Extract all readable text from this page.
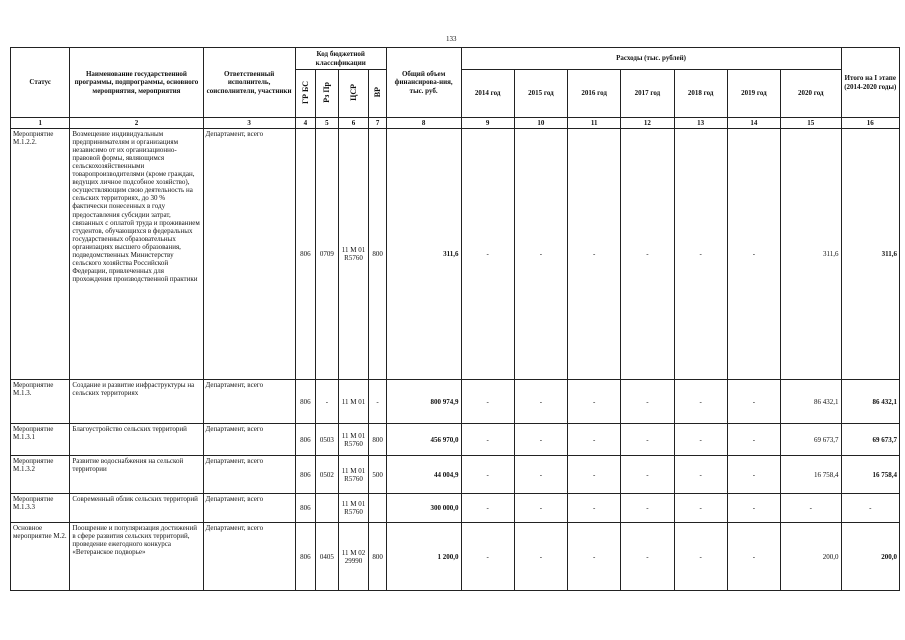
133
Статус	Наименование государственной программы, подпрограммы, основного мероприятия, мероприятия	Ответственный исполнитель, соисполнители, участники	Код бюджетной классификации				Общий объем финансирова-ния, тыс. руб.	Расходы (тыс. рублей)							Итого на I этапе (2014-2020 годы)
			ГР БС	Рз Пр	ЦСР	ВР		2014 год	2015 год	2016 год	2017 год	2018 год	2019 год	2020 год	
1	2	3	4	5	6	7	8	9	10	11	12	13	14	15	16
Мероприятие М.1.2.2.	Возмещение индивидуальным предпринимателям и организациям независимо от их организационно-правовой формы, являющимся сельскохозяйственными товаропроизводителями (кроме граждан, ведущих личное подсобное хозяйство), осуществляющим свою деятельность на сельских территориях, до 30 % фактически понесенных в году предоставления субсидии затрат, связанных с оплатой труда и проживанием студентов, обучающихся в федеральных государственных образовательных организациях высшего образования, подведомственных Министерству сельского хозяйства Российской Федерации, привлеченных для прохождения производственной практики	Департамент, всего	806	0709	11 М 01 R5760	800	311,6	-	-	-	-	-	-	311,6	311,6
Мероприятие М.1.3.	Создание и развитие инфраструктуры на сельских территориях	Департамент, всего	806	-	11 М 01	-	800 974,9	-	-	-	-	-	-	86 432,1	86 432,1
Мероприятие М.1.3.1	Благоустройство сельских территорий	Департамент, всего	806	0503	11 М 01 R5760	800	456 970,0	-	-	-	-	-	-	69 673,7	69 673,7
Мероприятие М.1.3.2	Развитие водоснабжения на сельской территории	Департамент, всего	806	0502	11 М 01 R5760	500	44 004,9	-	-	-	-	-	-	16 758,4	16 758,4
Мероприятие М.1.3.3	Современный облик сельских территорий	Департамент, всего	806		11 М 01 R5760		300 000,0	-	-	-	-	-	-	-	-
Основное мероприятие М.2.	Поощрение и популяризация достижений в сфере развития сельских территорий, проведение ежегодного конкурса «Ветеранское подворье»	Департамент, всего	806	0405	11 М 02 29990	800	1 200,0	-	-	-	-	-	-	200,0	200,0
